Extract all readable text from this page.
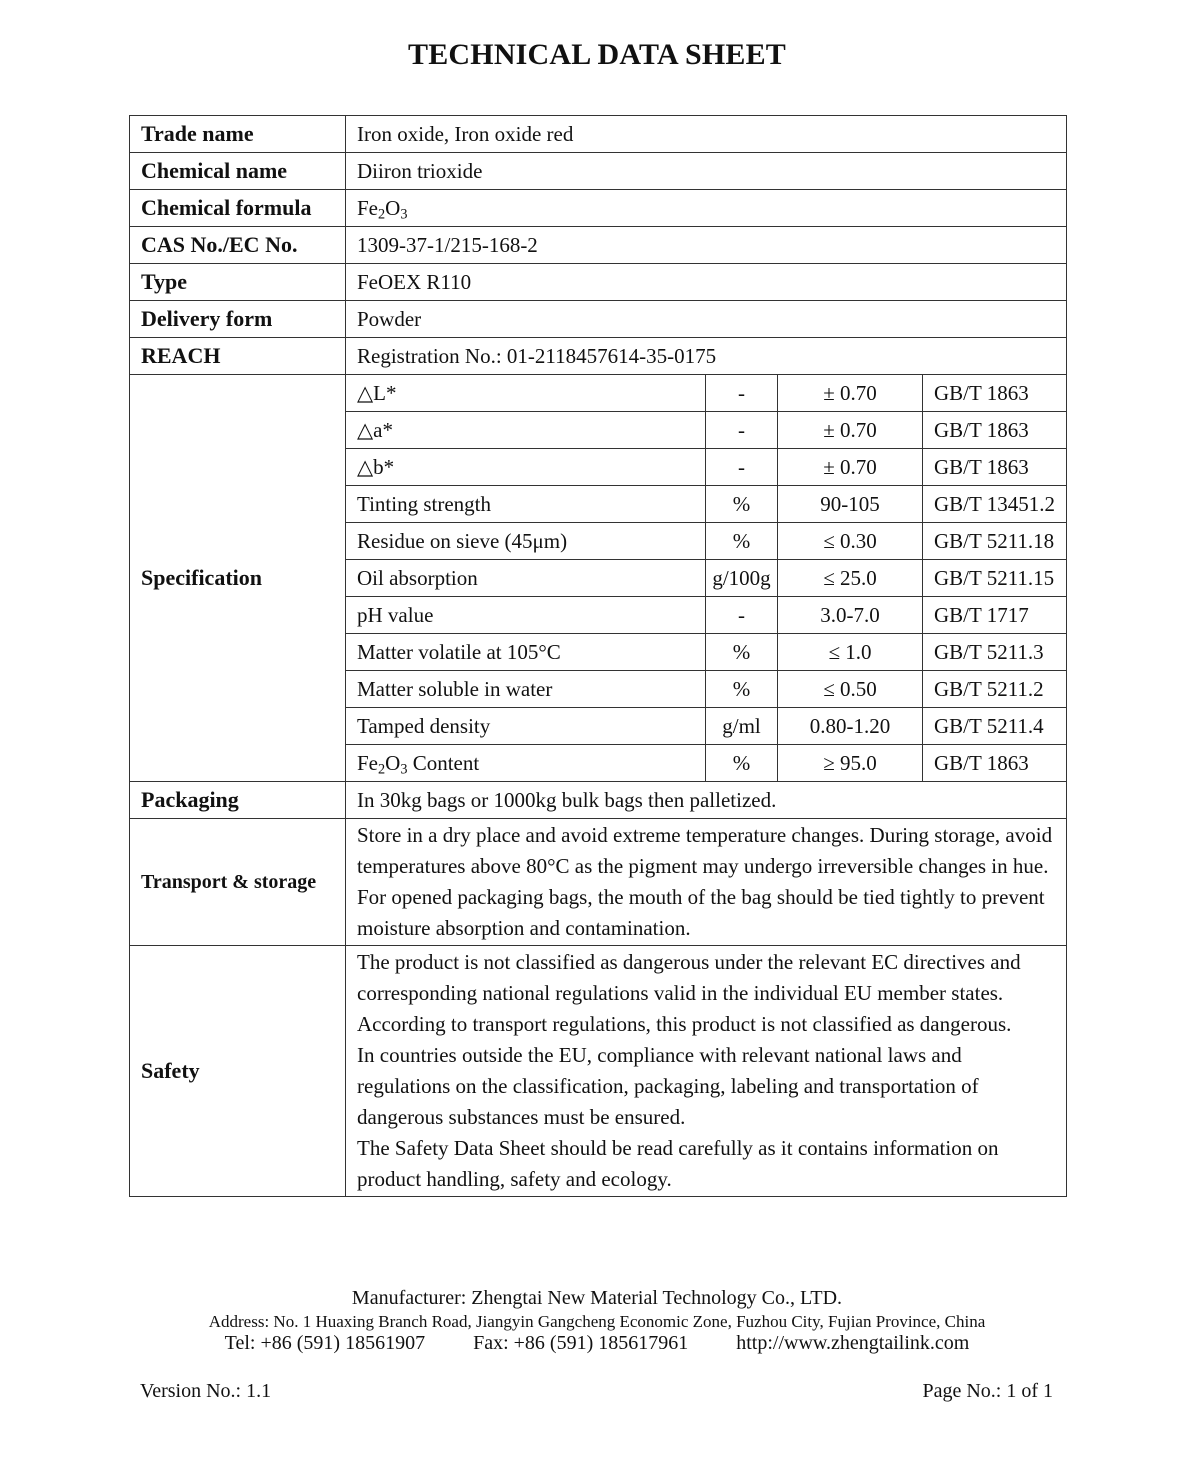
TECHNICAL DATA SHEET
Trade name	Iron oxide, Iron oxide red			
Chemical name	Diiron trioxide			
Chemical formula	$Fe_2O_3$
CAS No./EC No.	1309-37-1/215-168-2			
Type	FeOEX R110			
Delivery form	Powder			
REACH	Registration No.: 01-2118457614-35-0175			
Specification	△L*	-	± 0.70	GB/T 1863
	△a*	-	± 0.70	GB/T 1863
	△b*	-	± 0.70	GB/T 1863
	Tinting strength	%	90-105	GB/T 13451.2
	Residue on sieve (45μm)	%	≤ 0.30	GB/T 5211.18
	Oil absorption	g/100g	≤ 25.0	GB/T 5211.15
	pH value	-	3.0-7.0	GB/T 1717
	Matter volatile at 105°C	%	≤ 1.0	GB/T 5211.3
	Matter soluble in water	%	≤ 0.50	GB/T 5211.2
	Tamped density	g/ml	0.80-1.20	GB/T 5211.4
	$Fe_2O_3$ Content	%	≥ 95.0	GB/T 1863
Packaging	In 30kg bags or 1000kg bulk bags then palletized.			
Transport & storage	Store in a dry place and avoid extreme temperature changes. During storage, avoid temperatures above 80°C as the pigment may undergo irreversible changes in hue. For opened packaging bags, the mouth of the bag should be tied tightly to prevent moisture absorption and contamination.			
Safety	The product is not classified as dangerous under the relevant EC directives and corresponding national regulations valid in the individual EU member states. According to transport regulations, this product is not classified as dangerous.
In countries outside the EU, compliance with relevant national laws and regulations on the classification, packaging, labeling and transportation of dangerous substances must be ensured.
The Safety Data Sheet should be read carefully as it contains information on product handling, safety and ecology.			
Manufacturer: Zhengtai New Material Technology Co., LTD.
Address: No. 1 Huaxing Branch Road, Jiangyin Gangcheng Economic Zone, Fuzhou City, Fujian Province, China
Tel: +86 (591) 18561907 Fax: +86 (591) 185617961 http://www.zhengtailink.com
Version No.: 1.1	Page No.: 1 of 1
